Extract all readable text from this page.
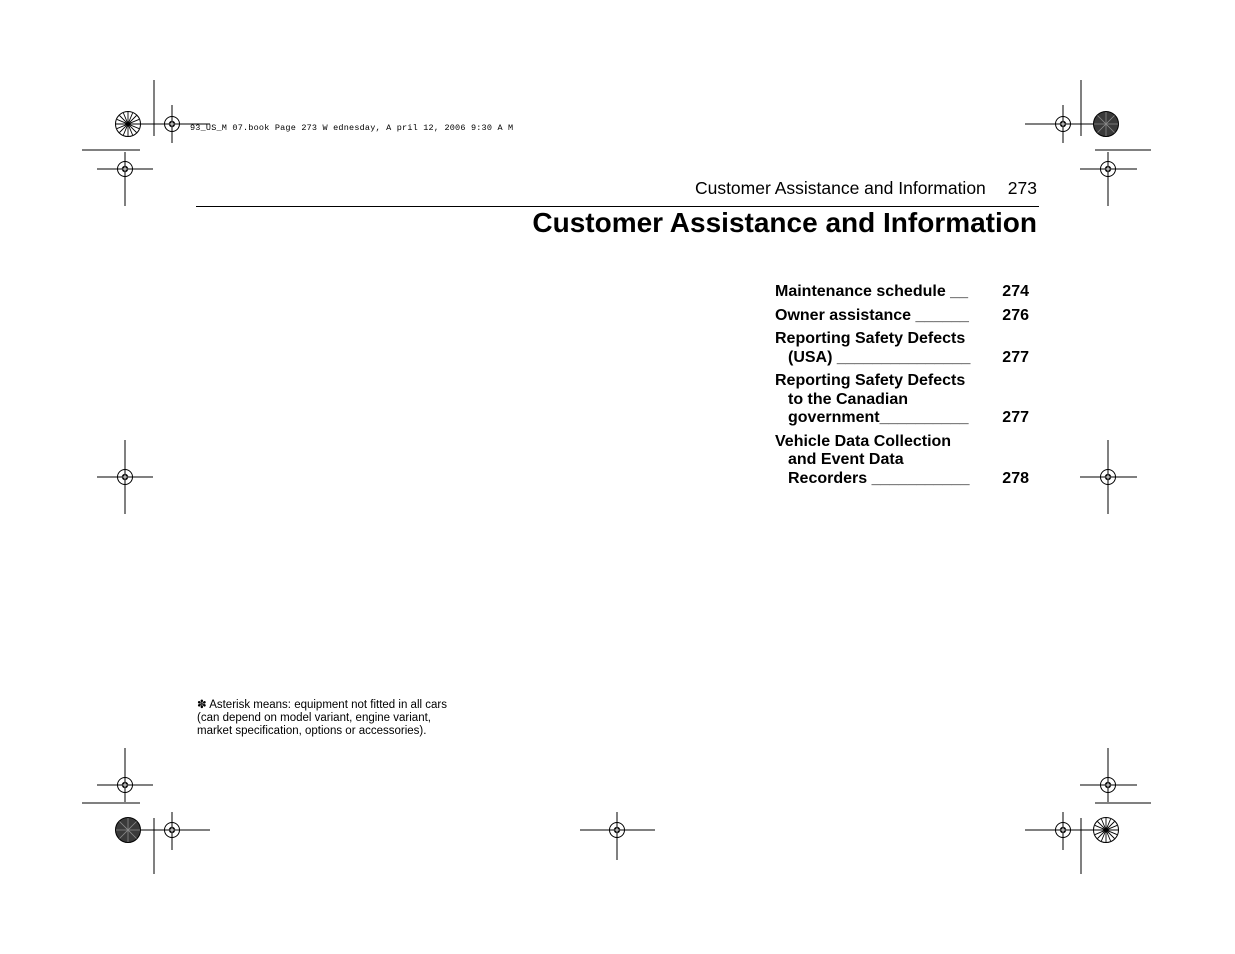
93_US_M 07.book Page 273 W ednesday, A pril 12, 2006 9:30 A M
Customer Assistance and Information 273
Customer Assistance and Information
Maintenance schedule __	274
Owner assistance ______	276
Reporting Safety Defects
(USA) _______________	277
Reporting Safety Defects
to the Canadian
government__________	277
Vehicle Data Collection
and Event Data
Recorders ___________	278
✽ Asterisk means: equipment not fitted in all cars
(can depend on model variant, engine variant,
market specification, options or accessories).
